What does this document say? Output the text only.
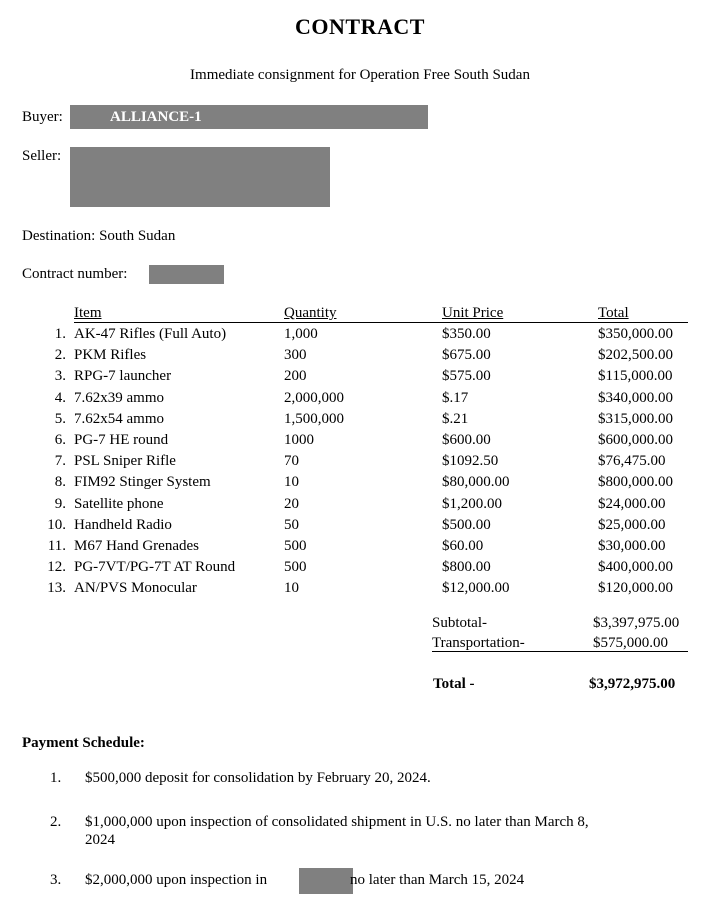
CONTRACT
Immediate consignment for Operation Free South Sudan
Buyer:	ALLIANCE-1
Seller:
Destination: South Sudan
Contract number:
Item	Quantity	Unit Price	Total
1. AK-47 Rifles (Full Auto)	1,000	$350.00	$350,000.00
2. PKM Rifles	300	$675.00	$202,500.00
3. RPG-7 launcher	200	$575.00	$115,000.00
4. 7.62x39 ammo	2,000,000	$.17	$340,000.00
5. 7.62x54 ammo	1,500,000	$.21	$315,000.00
6. PG-7 HE round	1000	$600.00	$600,000.00
7. PSL Sniper Rifle	70	$1092.50	$76,475.00
8. FIM92 Stinger System	10	$80,000.00	$800,000.00
9. Satellite phone	20	$1,200.00	$24,000.00
10. Handheld Radio	50	$500.00	$25,000.00
11. M67 Hand Grenades	500	$60.00	$30,000.00
12. PG-7VT/PG-7T AT Round	500	$800.00	$400,000.00
13. AN/PVS Monocular	10	$12,000.00	$120,000.00
Subtotal-	$3,397,975.00
Transportation-	$575,000.00
Total -	$3,972,975.00
Payment Schedule:
1. $500,000 deposit for consolidation by February 20, 2024.
2. $1,000,000 upon inspection of consolidated shipment in U.S. no later than March 8,
2024
3. $2,000,000 upon inspection in	no later than March 15, 2024
